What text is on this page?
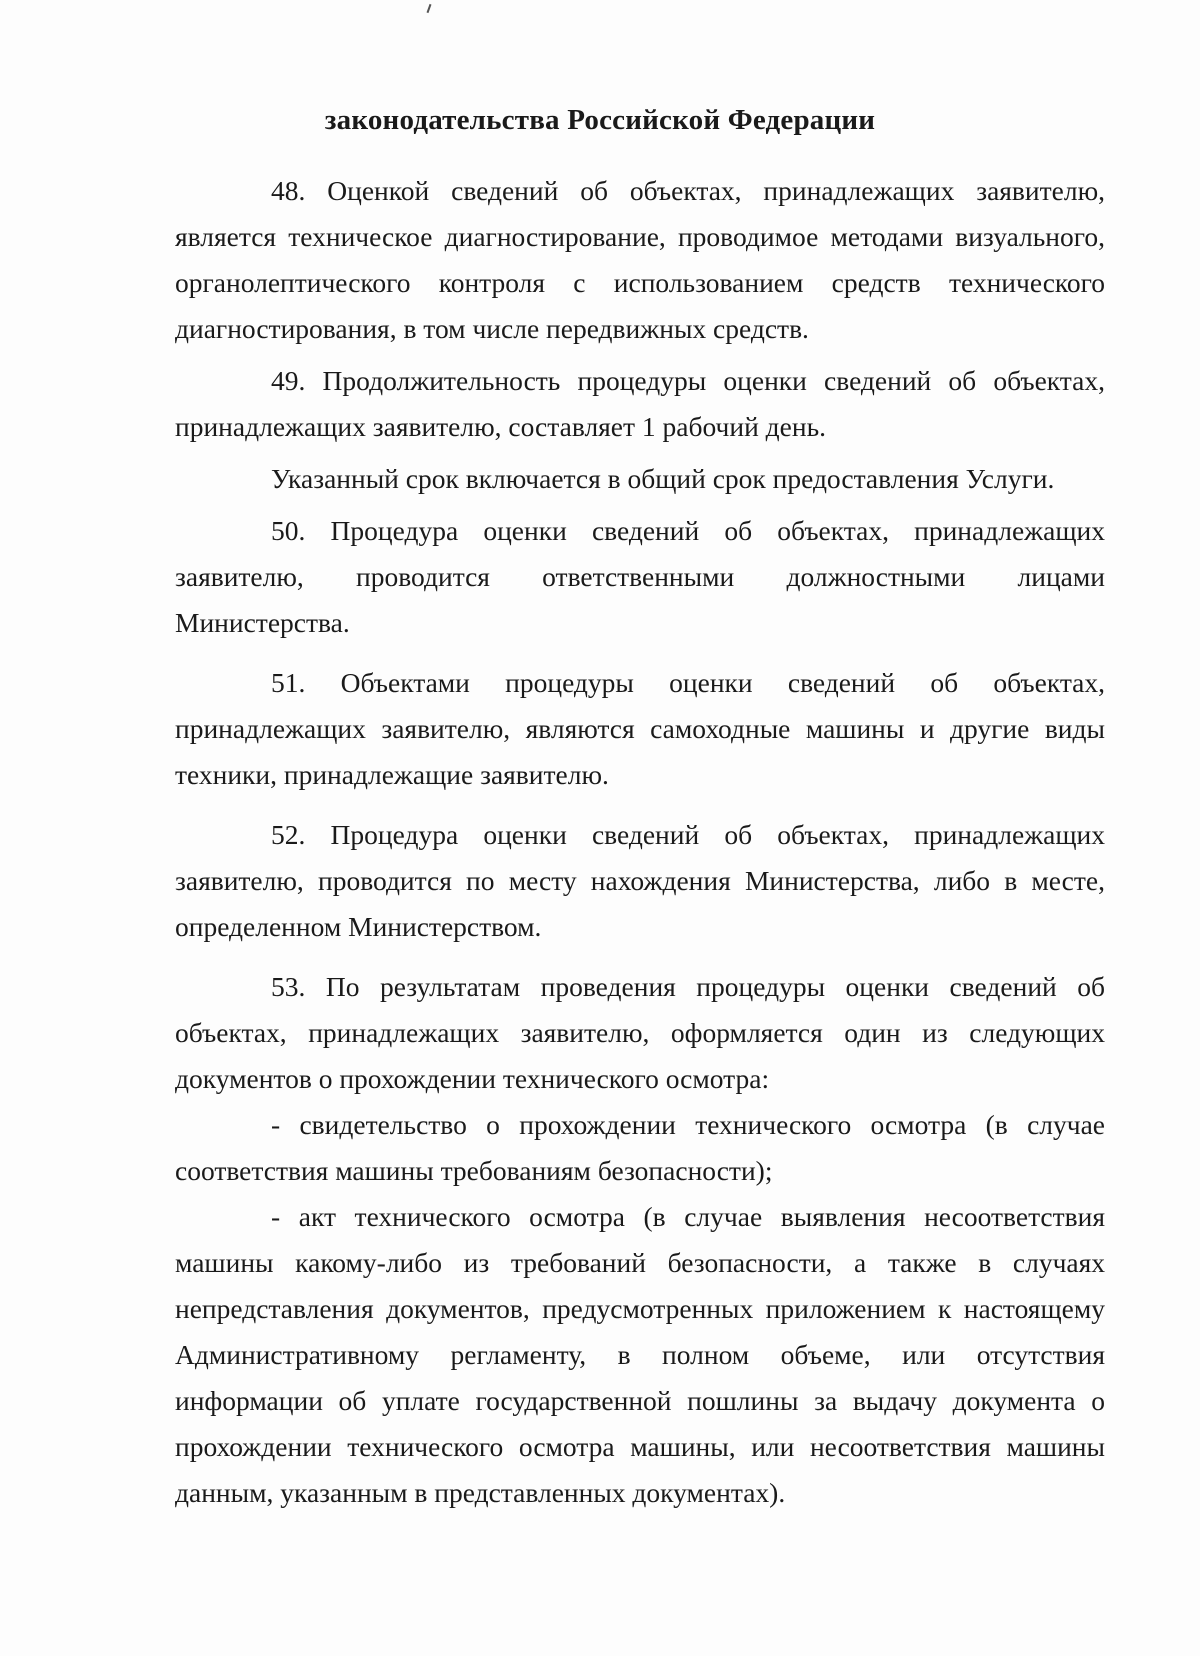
законодательства Российской Федерации

48. Оценкой сведений об объектах, принадлежащих заявителю, является техническое диагностирование, проводимое методами визуального, органолептического контроля с использованием средств технического диагностирования, в том числе передвижных средств.

49. Продолжительность процедуры оценки сведений об объектах, принадлежащих заявителю, составляет 1 рабочий день.

Указанный срок включается в общий срок предоставления Услуги.

50. Процедура оценки сведений об объектах, принадлежащих заявителю, проводится ответственными должностными лицами Министерства.

51. Объектами процедуры оценки сведений об объектах, принадлежащих заявителю, являются самоходные машины и другие виды техники, принадлежащие заявителю.

52. Процедура оценки сведений об объектах, принадлежащих заявителю, проводится по месту нахождения Министерства, либо в месте, определенном Министерством.

53. По результатам проведения процедуры оценки сведений об объектах, принадлежащих заявителю, оформляется один из следующих документов о прохождении технического осмотра:

- свидетельство о прохождении технического осмотра (в случае соответствия машины требованиям безопасности);

- акт технического осмотра (в случае выявления несоответствия машины какому-либо из требований безопасности, а также в случаях непредставления документов, предусмотренных приложением к настоящему Административному регламенту, в полном объеме, или отсутствия информации об уплате государственной пошлины за выдачу документа о прохождении технического осмотра машины, или несоответствия машины данным, указанным в представленных документах).
